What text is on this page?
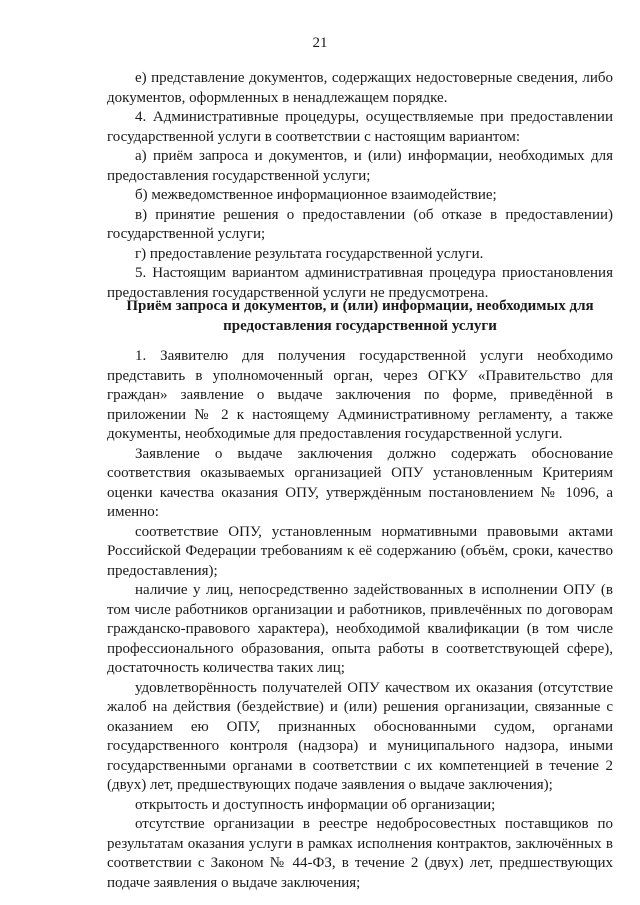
21

е) представление документов, содержащих недостоверные сведения, либо документов, оформленных в ненадлежащем порядке.

4. Административные процедуры, осуществляемые при предоставлении государственной услуги в соответствии с настоящим вариантом:

а) приём запроса и документов, и (или) информации, необходимых для предоставления государственной услуги;

б) межведомственное информационное взаимодействие;

в) принятие решения о предоставлении (об отказе в предоставлении) государственной услуги;

г) предоставление результата государственной услуги.

5. Настоящим вариантом административная процедура приостановления предоставления государственной услуги не предусмотрена.

Приём запроса и документов, и (или) информации, необходимых для предоставления государственной услуги

1. Заявителю для получения государственной услуги необходимо представить в уполномоченный орган, через ОГКУ «Правительство для граждан» заявление о выдаче заключения по форме, приведённой в приложении № 2 к настоящему Административному регламенту, а также документы, необходимые для предоставления государственной услуги.

Заявление о выдаче заключения должно содержать обоснование соответствия оказываемых организацией ОПУ установленным Критериям оценки качества оказания ОПУ, утверждённым постановлением № 1096, а именно:

соответствие ОПУ, установленным нормативными правовыми актами Российской Федерации требованиям к её содержанию (объём, сроки, качество предоставления);

наличие у лиц, непосредственно задействованных в исполнении ОПУ (в том числе работников организации и работников, привлечённых по договорам гражданско-правового характера), необходимой квалификации (в том числе профессионального образования, опыта работы в соответствующей сфере), достаточность количества таких лиц;

удовлетворённость получателей ОПУ качеством их оказания (отсутствие жалоб на действия (бездействие) и (или) решения организации, связанные с оказанием ею ОПУ, признанных обоснованными судом, органами государственного контроля (надзора) и муниципального надзора, иными государственными органами в соответствии с их компетенцией в течение 2 (двух) лет, предшествующих подаче заявления о выдаче заключения);

открытость и доступность информации об организации;

отсутствие организации в реестре недобросовестных поставщиков по результатам оказания услуги в рамках исполнения контрактов, заключённых в соответствии с Законом № 44-ФЗ, в течение 2 (двух) лет, предшествующих подаче заявления о выдаче заключения;
